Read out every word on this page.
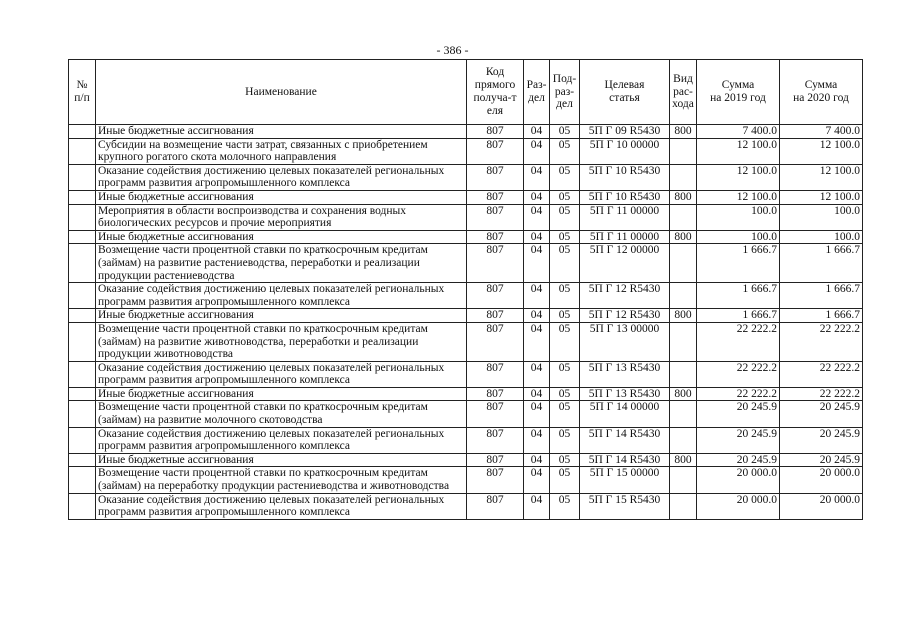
- 386 -
№
п/п	Наименование	Код
прямого
получа-т
еля	Раз-
дел	Под-
раз-
дел	Целевая
статья	Вид
рас-
хода	Сумма
на 2019 год	Сумма
на 2020 год
	Иные бюджетные ассигнования	807	04	05	5П Г 09 R5430	800	7 400.0	7 400.0
	Субсидии на возмещение части затрат, связанных с приобретением крупного рогатого скота молочного направления	807	04	05	5П Г 10 00000		12 100.0	12 100.0
	Оказание содействия достижению целевых показателей региональных программ развития агропромышленного комплекса	807	04	05	5П Г 10 R5430		12 100.0	12 100.0
	Иные бюджетные ассигнования	807	04	05	5П Г 10 R5430	800	12 100.0	12 100.0
	Мероприятия в области воспроизводства и сохранения водных биологических ресурсов и прочие мероприятия	807	04	05	5П Г 11 00000		100.0	100.0
	Иные бюджетные ассигнования	807	04	05	5П Г 11 00000	800	100.0	100.0
	Возмещение части процентной ставки по краткосрочным кредитам (займам) на развитие растениеводства, переработки и реализации продукции растениеводства	807	04	05	5П Г 12 00000		1 666.7	1 666.7
	Оказание содействия достижению целевых показателей региональных программ развития агропромышленного комплекса	807	04	05	5П Г 12 R5430		1 666.7	1 666.7
	Иные бюджетные ассигнования	807	04	05	5П Г 12 R5430	800	1 666.7	1 666.7
	Возмещение части процентной ставки по краткосрочным кредитам (займам) на развитие животноводства, переработки и реализации продукции животноводства	807	04	05	5П Г 13 00000		22 222.2	22 222.2
	Оказание содействия достижению целевых показателей региональных программ развития агропромышленного комплекса	807	04	05	5П Г 13 R5430		22 222.2	22 222.2
	Иные бюджетные ассигнования	807	04	05	5П Г 13 R5430	800	22 222.2	22 222.2
	Возмещение части процентной ставки по краткосрочным кредитам (займам) на развитие молочного скотоводства	807	04	05	5П Г 14 00000		20 245.9	20 245.9
	Оказание содействия достижению целевых показателей региональных программ развития агропромышленного комплекса	807	04	05	5П Г 14 R5430		20 245.9	20 245.9
	Иные бюджетные ассигнования	807	04	05	5П Г 14 R5430	800	20 245.9	20 245.9
	Возмещение части процентной ставки по краткосрочным кредитам (займам) на переработку продукции растениеводства и животноводства	807	04	05	5П Г 15 00000		20 000.0	20 000.0
	Оказание содействия достижению целевых показателей региональных программ развития агропромышленного комплекса	807	04	05	5П Г 15 R5430		20 000.0	20 000.0
